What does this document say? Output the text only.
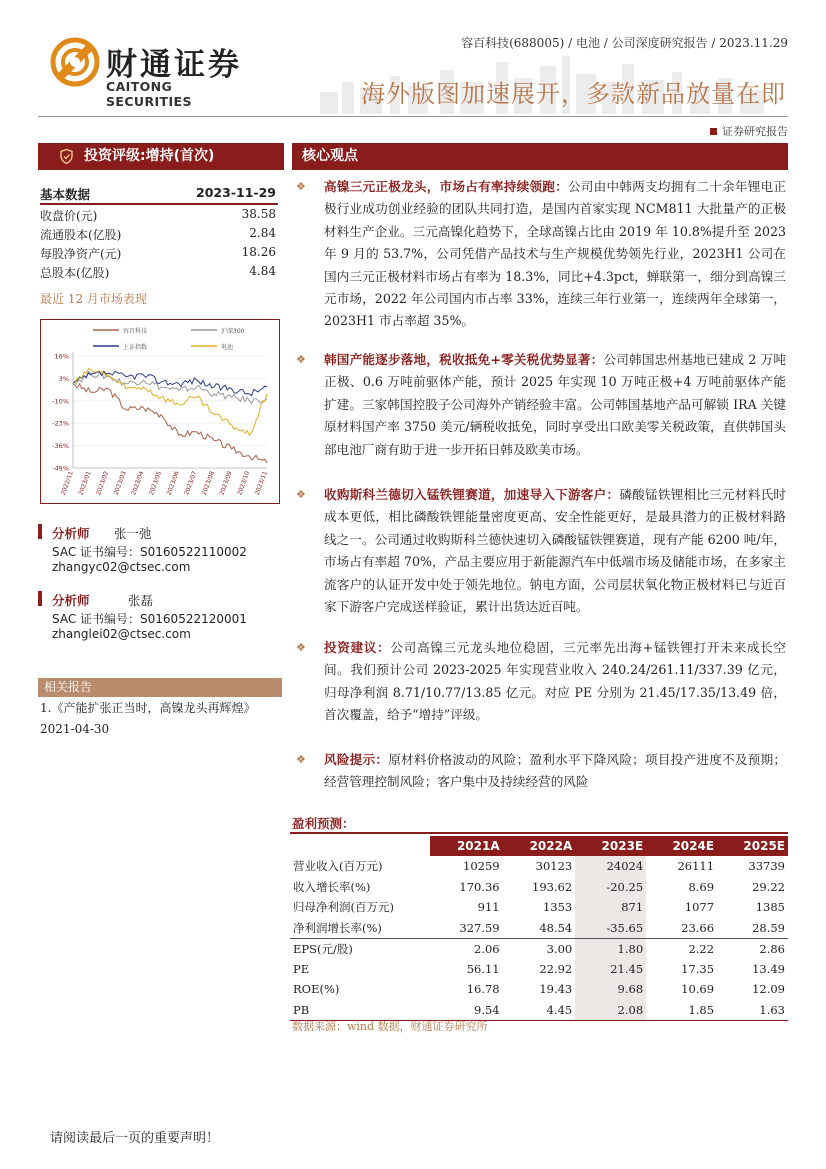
财通证券
CAITONG SECURITIES
容百科技(688005) / 电池 / 公司深度研究报告 / 2023.11.29
海外版图加速展开，多款新品放量在即
证券研究报告
投资评级:增持(首次)
基本数据	2023-11-29
收盘价(元)	38.58
流通股本(亿股)	2.84
每股净资产(元)	18.26
总股本(亿股)	4.84
最近 12 月市场表现
容百科技	沪深300
上证指数	电池
16%
3%
-10%
-23%
-36%
-49%
2022/11 2023/01 2023/02 2023/03 2023/04 2023/05 2023/06 2023/07 2023/08 2023/09 2023/10 2023/11
分析师 张一弛
SAC 证书编号：S0160522110002
zhangyc02@ctsec.com
分析师	张磊
SAC 证书编号：S0160522120001
zhanglei02@ctsec.com
相关报告
1.《产能扩张正当时，高镍龙头再辉煌》
2021-04-30
核心观点
❖	高镍三元正极龙头，市场占有率持续领跑：公司由中韩两支均拥有二十余年锂电正极行业成功创业经验的团队共同打造，是国内首家实现 NCM811 大批量产的正极材料生产企业。三元高镍化趋势下，全球高镍占比由 2019 年 10.8%提升至 2023 年 9 月的 53.7%，公司凭借产品技术与生产规模优势领先行业，2023H1 公司在国内三元正极材料市场占有率为 18.3%，同比+4.3pct，蝉联第一，细分到高镍三元市场，2022 年公司国内市占率 33%，连续三年行业第一，连续两年全球第一，2023H1 市占率超 35%。
❖	韩国产能逐步落地，税收抵免+零关税优势显著：公司韩国忠州基地已建成 2 万吨正极、0.6 万吨前驱体产能，预计 2025 年实现 10 万吨正极+4 万吨前驱体产能扩建。三家韩国控股子公司海外产销经验丰富。公司韩国基地产品可解锁 IRA 关键原材料国产率 3750 美元/辆税收抵免，同时享受出口欧美零关税政策，直供韩国头部电池厂商有助于进一步开拓日韩及欧美市场。
❖	收购斯科兰德切入锰铁锂赛道，加速导入下游客户：磷酸锰铁锂相比三元材料氏时成本更低，相比磷酸铁锂能量密度更高、安全性能更好，是最具潜力的正极材料路线之一。公司通过收购斯科兰德快速切入磷酸锰铁锂赛道，现有产能 6200 吨/年，市场占有率超 70%，产品主要应用于新能源汽车中低端市场及储能市场，在多家主流客户的认证开发中处于领先地位。钠电方面，公司层状氧化物正极材料已与近百家下游客户完成送样验证，累计出货达近百吨。
❖	投资建议：公司高镍三元龙头地位稳固，三元率先出海+锰铁锂打开未来成长空间。我们预计公司 2023-2025 年实现营业收入 240.24/261.11/337.39 亿元，归母净利润 8.71/10.77/13.85 亿元。对应 PE 分别为 21.45/17.35/13.49 倍，首次覆盖，给予“增持”评级。
❖	风险提示：原材料价格波动的风险；盈利水平下降风险；项目投产进度不及预期；经营管理控制风险；客户集中及持续经营的风险
盈利预测：
	2021A	2022A	2023E	2024E	2025E
营业收入(百万元)	10259	30123	24024	26111	33739
收入增长率(%)	170.36	193.62	-20.25	8.69	29.22
归母净利润(百万元)	911	1353	871	1077	1385
净利润增长率(%)	327.59	48.54	-35.65	23.66	28.59
EPS(元/股)	2.06	3.00	1.80	2.22	2.86
PE	56.11	22.92	21.45	17.35	13.49
ROE(%)	16.78	19.43	9.68	10.69	12.09
PB	9.54	4.45	2.08	1.85	1.63
数据来源：wind 数据，财通证券研究所
请阅读最后一页的重要声明！
